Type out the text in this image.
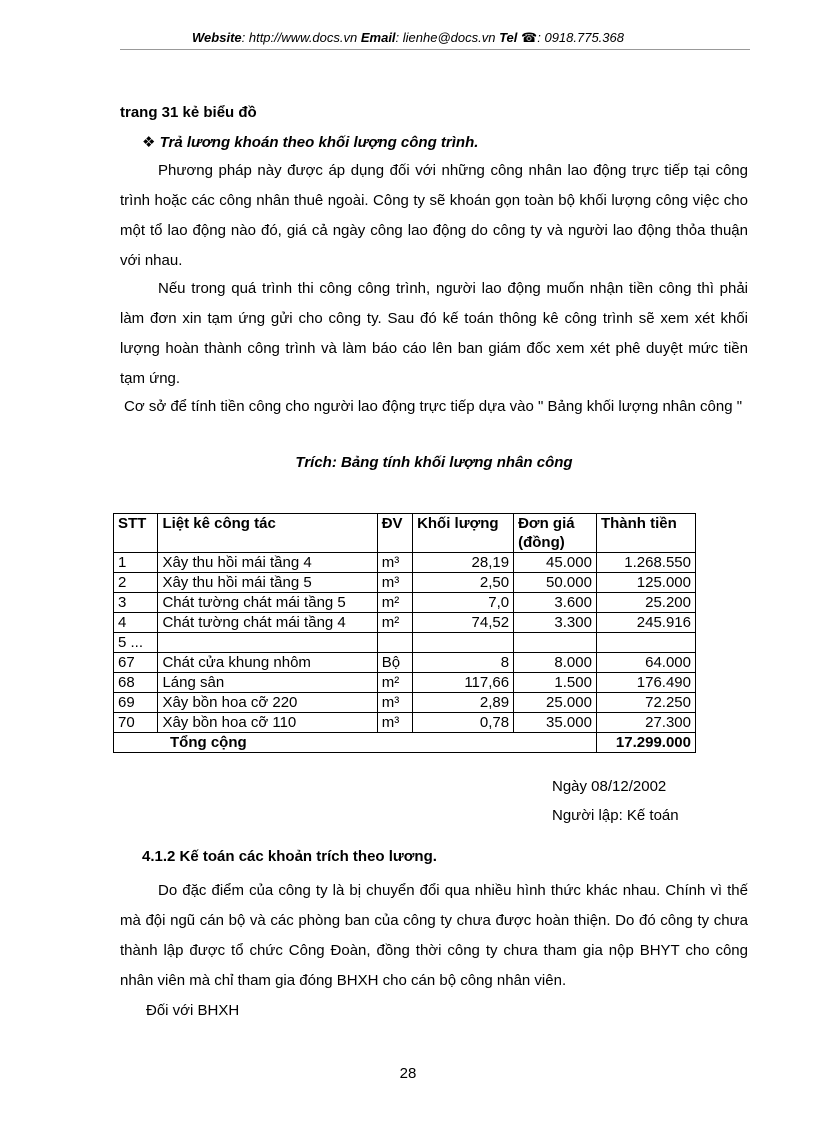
Website: http://www.docs.vn Email: lienhe@docs.vn Tel ☎: 0918.775.368
trang 31 kẻ biểu đồ
❖ Trả lương khoán theo khối lượng công trình.
Phương pháp này được áp dụng đối với những công nhân lao động trực tiếp tại công trình hoặc các công nhân thuê ngoài. Công ty sẽ khoán gọn toàn bộ khối lượng công việc cho một tổ lao động nào đó, giá cả ngày công lao động do công ty và người lao động thỏa thuận với nhau.
Nếu trong quá trình thi công công trình, người lao động muốn nhận tiền công thì phải làm đơn xin tạm ứng gửi cho công ty. Sau đó kế toán thông kê công trình sẽ xem xét khối lượng hoàn thành công trình và làm báo cáo lên ban giám đốc xem xét phê duyệt mức tiền tạm ứng.
Cơ sở để tính tiền công cho người lao động trực tiếp dựa vào " Bảng khối lượng nhân công "
Trích: Bảng tính khối lượng nhân công
STT	Liệt kê công tác	ĐV	Khối lượng	Đơn giá (đồng)	Thành tiền
1	Xây thu hồi mái tầng 4	m³	28,19	45.000	1.268.550
2	Xây thu hồi mái tầng 5	m³	2,50	50.000	125.000
3	Chát tường chát mái tầng 5	m²	7,0	3.600	25.200
4	Chát tường chát mái tầng 4	m²	74,52	3.300	245.916
5 ...					
67	Chát cửa khung nhôm	Bộ	8	8.000	64.000
68	Láng sân	m²	117,66	1.500	176.490
69	Xây bồn hoa cỡ 220	m³	2,89	25.000	72.250
70	Xây bồn hoa cỡ 110	m³	0,78	35.000	27.300
Tổng cộng					17.299.000
Ngày 08/12/2002
Người lập: Kế toán
4.1.2 Kế toán các khoản trích theo lương.
Do đặc điểm của công ty là bị chuyển đổi qua nhiều hình thức khác nhau. Chính vì thế mà đội ngũ cán bộ và các phòng ban của công ty chưa được hoàn thiện. Do đó công ty chưa thành lập được tổ chức Công Đoàn, đồng thời công ty chưa tham gia nộp BHYT cho công nhân viên mà chỉ tham gia đóng BHXH cho cán bộ công nhân viên.
Đối với BHXH
28
